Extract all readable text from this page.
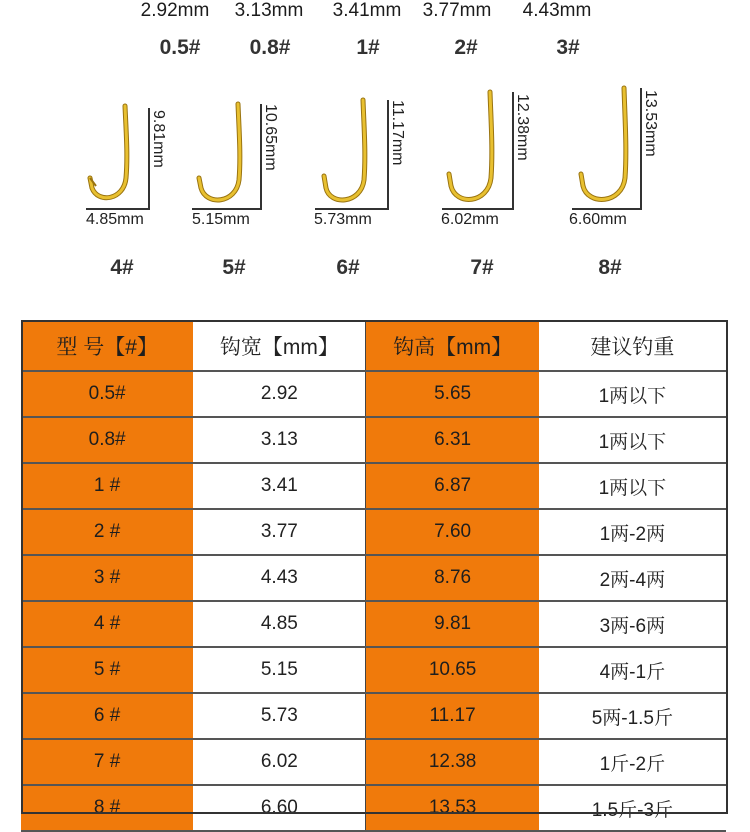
2.92mm	3.13mm	3.41mm	3.77mm	4.43mm
0.5#	0.8#	1#	2#	3#
4.85mm
9.81mm
4#
5.15mm
10.65mm
5#
5.73mm
11.17mm
6#
6.02mm
12.38mm
7#
6.60mm
13.53mm
8#
型 号【#】	钩宽【mm】	钩高【mm】	建议钓重
0.5#	2.92	5.65	1两以下
0.8#	3.13	6.31	1两以下
1 #	3.41	6.87	1两以下
2 #	3.77	7.60	1两-2两
3 #	4.43	8.76	2两-4两
4 #	4.85	9.81	3两-6两
5 #	5.15	10.65	4两-1斤
6 #	5.73	11.17	5两-1.5斤
7 #	6.02	12.38	1斤-2斤
8 #	6.60	13.53	1.5斤-3斤
